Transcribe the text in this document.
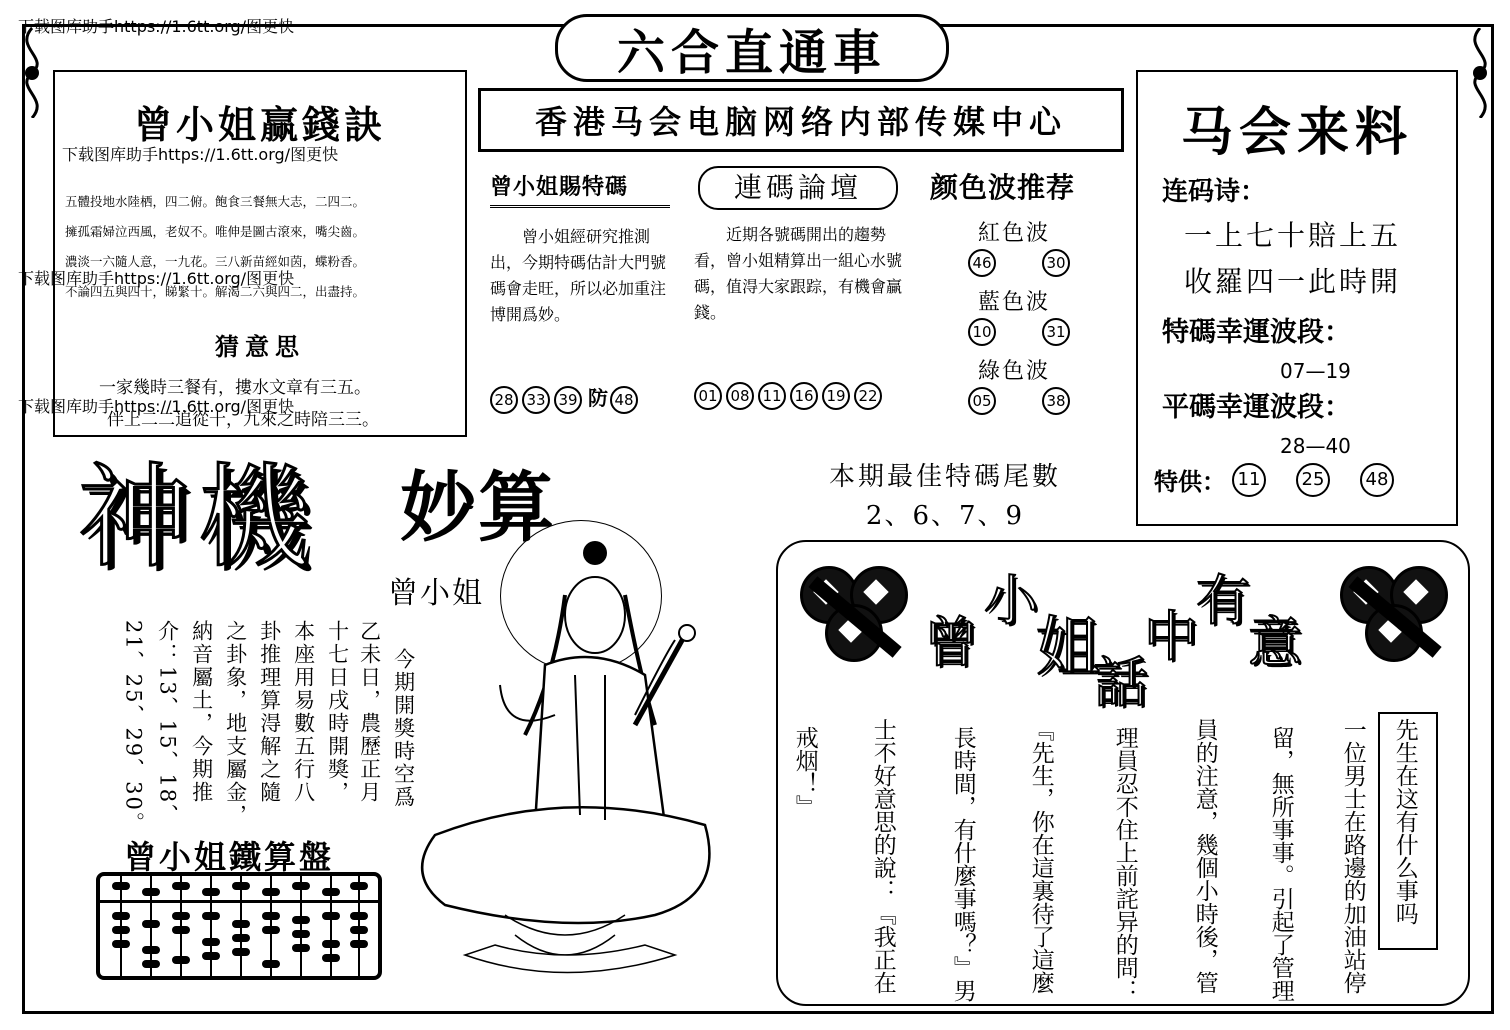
下载图库助手https://1.6tt.org/图更快
下载图库助手https://1.6tt.org/图更快
下载图库助手https://1.6tt.org/图更快
下载图库助手https://1.6tt.org/图更快
六合直通車
香港马会电脑网络内部传媒中心
曾小姐赢錢訣
五體投地水陸栖，四二俯。飽食三餐無大志，二四二。
擁孤霜婦泣西風，老奴不。唯伸是圖古滾來，嘴尖齒。
濃淡一六隨人意，一九花。三八新苗經如茵，蝶粉香。
不論四五與四十，睇緊十。解渴二六與四二，出盡持。
猜意思
一家幾時三餐有，摟水文章有三五。
伴上二二追從十，九來之時陪三三。
曾小姐賜特碼
曾小姐經研究推測出，今期特碼估計大門號碼會走旺，所以必加重注博開爲妙。
28 33 39 防 48
連碼論壇
近期各號碼開出的趨勢看，曾小姐精算出一組心水號碼，值淂大家跟踪，有機會贏錢。
01 08 11 16 19 22
颜色波推荐
紅色波
46	30
藍色波
10	31
綠色波
05	38
马会来料
连码诗：
一上七十賠上五
收羅四一此時開
特碼幸運波段：
07—19
平碼幸運波段：
28—40
特供： 11	25	48
本期最佳特碼尾數
2、6、7、9
神機 妙算
曾小姐
今期開獎時空爲
乙未日，農歷正月
十七日戌時開獎，
本座用易數五行八
卦推理算淂解之隨
之卦象，地支屬金，
納音屬土，今期推
介：13、15、18、
21、25、29、30。
曾小姐鐵算盤
曾
小
姐
話
中
有
意
先生在这有什么事吗
一位男士在路邊的加油站停
留，無所事事。引起了管理
員的注意，幾個小時後，管
理員忍不住上前詫异的問：
『先生，你在這裏待了這麼
長時間，有什麼事嗎？』男
士不好意思的說：『我正在
戒烟！』
